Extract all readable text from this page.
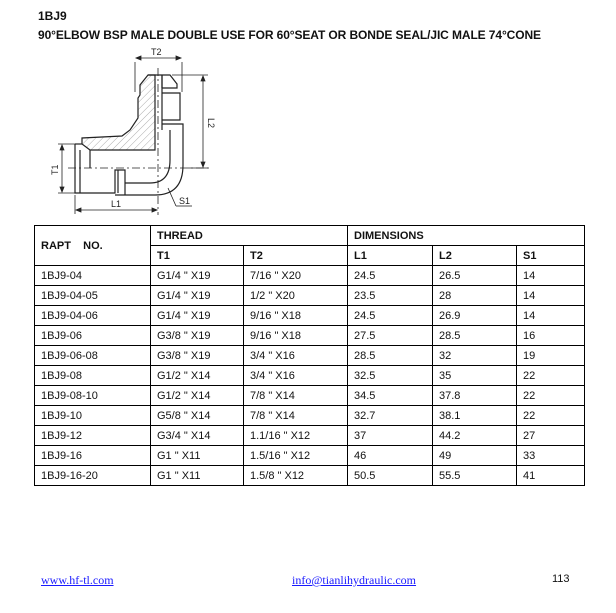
1BJ9
90°ELBOW BSP MALE DOUBLE USE FOR 60°SEAT OR BONDE SEAL/JIC MALE 74°CONE
T2
L2
T1
L1	S1
RAPT    NO.	THREAD		DIMENSIONS		
	T1	T2	L1	L2	S1
1BJ9-04	G1/4 " X19	7/16 " X20	24.5	26.5	14
1BJ9-04-05	G1/4 " X19	1/2 " X20	23.5	28	14
1BJ9-04-06	G1/4 " X19	9/16 " X18	24.5	26.9	14
1BJ9-06	G3/8 " X19	9/16 " X18	27.5	28.5	16
1BJ9-06-08	G3/8 " X19	3/4 " X16	28.5	32	19
1BJ9-08	G1/2 " X14	3/4 " X16	32.5	35	22
1BJ9-08-10	G1/2 " X14	7/8 " X14	34.5	37.8	22
1BJ9-10	G5/8 " X14	7/8 " X14	32.7	38.1	22
1BJ9-12	G3/4 " X14	1.1/16 " X12	37	44.2	27
1BJ9-16	G1 " X11	1.5/16 " X12	46	49	33
1BJ9-16-20	G1 " X11	1.5/8 " X12	50.5	55.5	41
www.hf-tl.com	info@tianlihydraulic.com	113
